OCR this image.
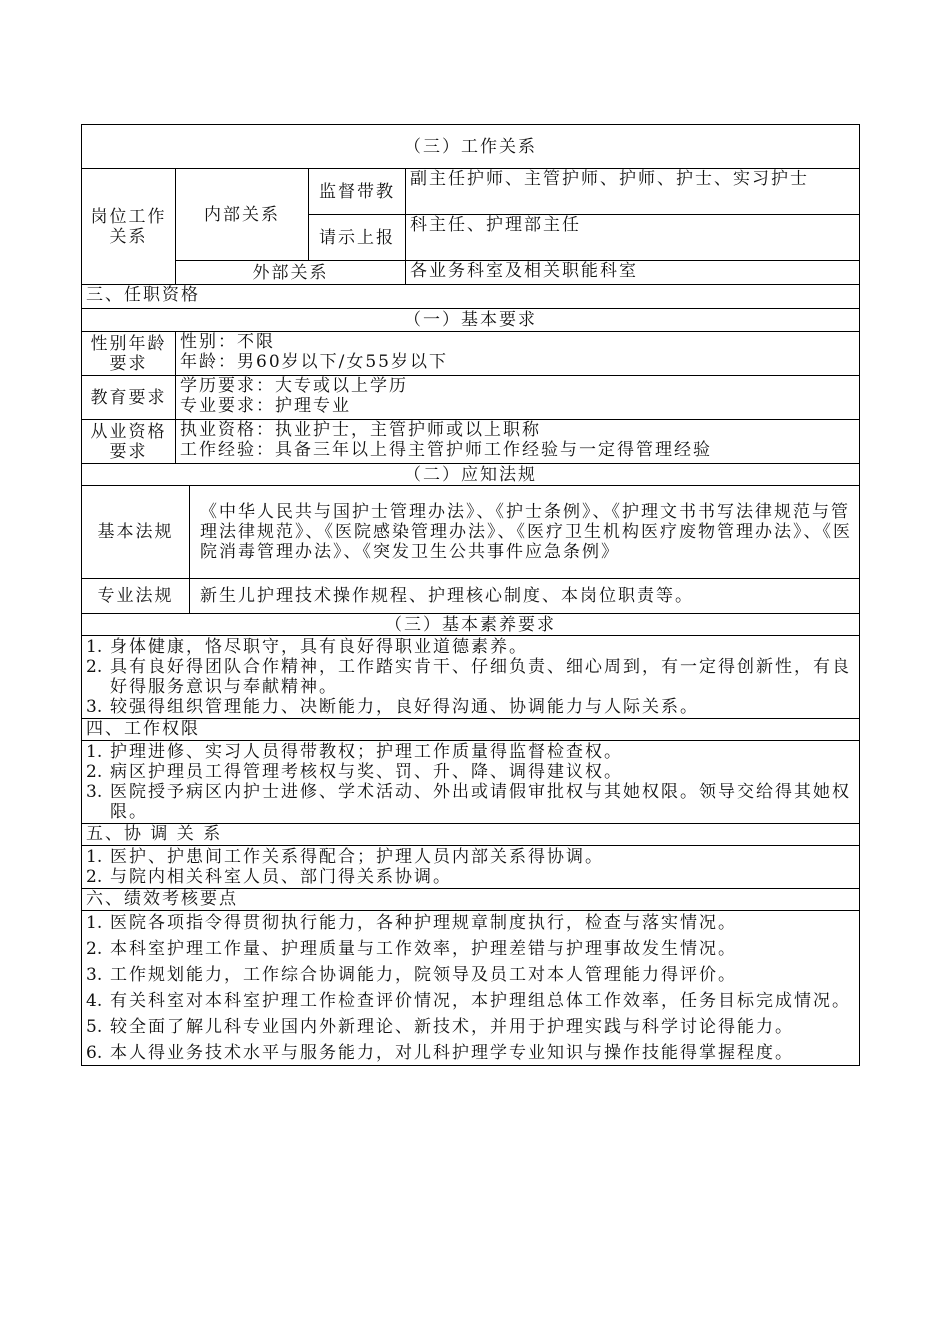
（三）工作关系			
岗位工作关系	内部关系	监督带教	副主任护师、主管护师、护师、护士、实习护士
		请示上报	科主任、护理部主任
	外部关系		各业务科室及相关职能科室
三、任职资格	
（一）基本要求	
性别年龄要求	性别：不限
年龄：男60岁以下/女55岁以下

教育要求	学历要求：大专或以上学历
专业要求：护理专业

从业资格要求	执业资格：执业护士，主管护师或以上职称
工作经验：具备三年以上得主管护师工作经验与一定得管理经验
（二）应知法规	
基本法规	《中华人民共与国护士管理办法》、《护士条例》、《护理文书书写法律规范与管理法律规范》、《医院感染管理办法》、《医疗卫生机构医疗废物管理办法》、《医院消毒管理办法》、《突发卫生公共事件应急条例》
专业法规	新生儿护理技术操作规程、护理核心制度、本岗位职责等。
（三）基本素养要求

1. 身体健康，恪尽职守，具有良好得职业道德素养。
2. 具有良好得团队合作精神，工作踏实肯干、仔细负责、细心周到，有一定得创新性，有良好得服务意识与奉献精神。
3. 较强得组织管理能力、决断能力，良好得沟通、协调能力与人际关系。

四、工作权限

1. 护理进修、实习人员得带教权；护理工作质量得监督检查权。
2. 病区护理员工得管理考核权与奖、罚、升、降、调得建议权。
3. 医院授予病区内护士进修、学术活动、外出或请假审批权与其她权限。领导交给得其她权限。

五、协 调 关 系

1. 医护、护患间工作关系得配合；护理人员内部关系得协调。
2. 与院内相关科室人员、部门得关系协调。

六、绩效考核要点

1. 医院各项指令得贯彻执行能力，各种护理规章制度执行，检查与落实情况。
2. 本科室护理工作量、护理质量与工作效率，护理差错与护理事故发生情况。
3. 工作规划能力，工作综合协调能力，院领导及员工对本人管理能力得评价。
4. 有关科室对本科室护理工作检查评价情况，本护理组总体工作效率，任务目标完成情况。
5. 较全面了解儿科专业国内外新理论、新技术，并用于护理实践与科学讨论得能力。
6. 本人得业务技术水平与服务能力，对儿科护理学专业知识与操作技能得掌握程度。
